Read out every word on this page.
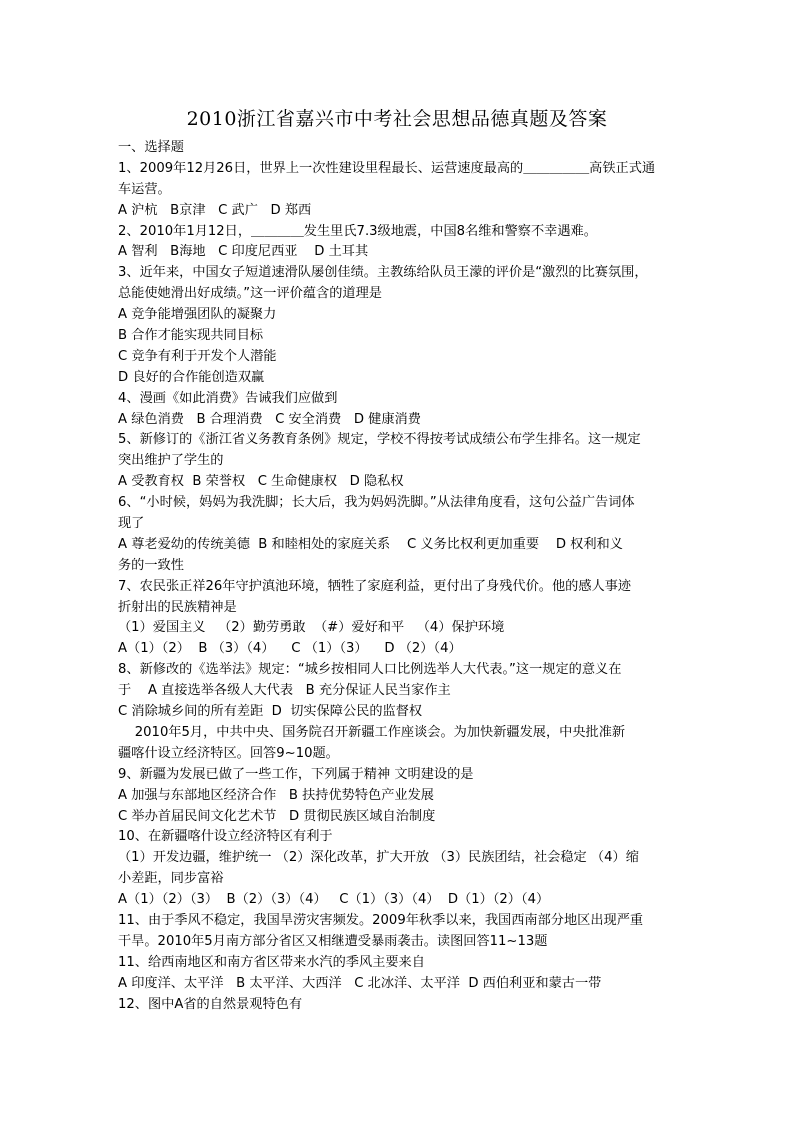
2010浙江省嘉兴市中考社会思想品德真题及答案
一、选择题
1、2009年12月26日，世界上一次性建设里程最长、运营速度最高的＿＿＿＿＿高铁正式通
车运营。
A 沪杭   B京津   C 武广   D 郑西
2、2010年1月12日，＿＿＿＿发生里氏7.3级地震，中国8名维和警察不幸遇难。
A 智利   B海地   C 印度尼西亚    D 土耳其
3、近年来，中国女子短道速滑队屡创佳绩。主教练给队员王濛的评价是“激烈的比赛氛围，
总能使她滑出好成绩。”这一评价蕴含的道理是
A 竞争能增强团队的凝聚力
B 合作才能实现共同目标
C 竞争有利于开发个人潜能
D 良好的合作能创造双赢
4、漫画《如此消费》告诫我们应做到
A 绿色消费   B 合理消费   C 安全消费   D 健康消费
5、新修订的《浙江省义务教育条例》规定，学校不得按考试成绩公布学生排名。这一规定
突出维护了学生的
A 受教育权  B 荣誉权   C 生命健康权   D 隐私权
6、“小时候，妈妈为我洗脚；长大后，我为妈妈洗脚。”从法律角度看，这句公益广告词体
现了
A 尊老爱幼的传统美德  B 和睦相处的家庭关系    C 义务比权利更加重要    D 权利和义
务的一致性
7、农民张正祥26年守护滇池环境，牺牲了家庭利益，更付出了身残代价。他的感人事迹
折射出的民族精神是
（1）爱国主义   （2）勤劳勇敢  （#）爱好和平   （4）保护环境
A（1）（2）  B （3）（4）    C （1）（3）    D （2）（4）
8、新修改的《选举法》规定：“城乡按相同人口比例选举人大代表。”这一规定的意义在
于    A 直接选举各级人大代表   B 充分保证人民当家作主
C 消除城乡间的所有差距  D  切实保障公民的监督权
2010年5月，中共中央、国务院召开新疆工作座谈会。为加快新疆发展，中央批准新
疆喀什设立经济特区。回答9~10题。
9、新疆为发展已做了一些工作，下列属于精神 文明建设的是
A 加强与东部地区经济合作   B 扶持优势特色产业发展
C 举办首届民间文化艺术节   D 贯彻民族区域自治制度
10、在新疆喀什设立经济特区有利于
（1）开发边疆，维护统一 （2）深化改革，扩大开放 （3）民族团结，社会稳定 （4）缩
小差距，同步富裕
A（1）（2）（3）  B（2）（3）（4）   C（1）（3）（4）  D（1）（2）（4）
11、由于季风不稳定，我国旱涝灾害频发。2009年秋季以来，我国西南部分地区出现严重
干旱。2010年5月南方部分省区又相继遭受暴雨袭击。读图回答11~13题
11、给西南地区和南方省区带来水汽的季风主要来自
A 印度洋、太平洋   B 太平洋、大西洋   C 北冰洋、太平洋  D 西伯利亚和蒙古一带
12、图中A省的自然景观特色有
